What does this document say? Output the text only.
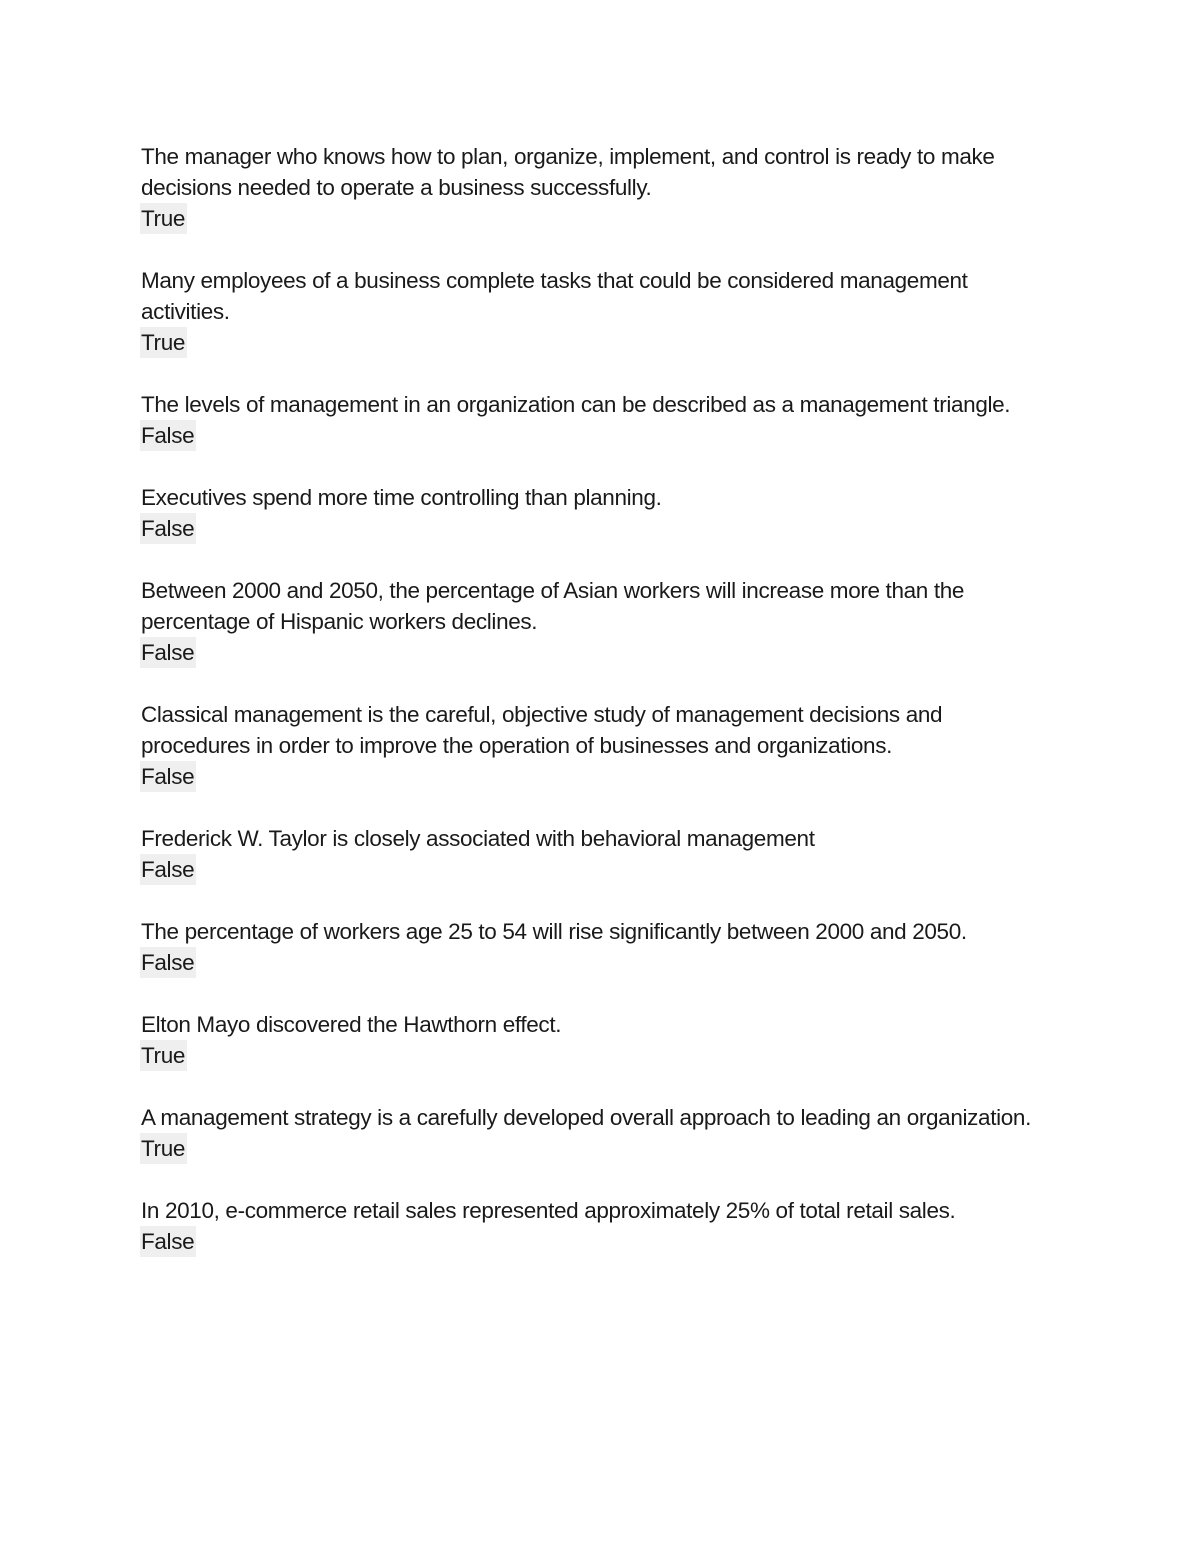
The manager who knows how to plan, organize, implement, and control is ready to make decisions needed to operate a business successfully.

True

Many employees of a business complete tasks that could be considered management activities.

True

The levels of management in an organization can be described as a management triangle.

False

Executives spend more time controlling than planning.

False

Between 2000 and 2050, the percentage of Asian workers will increase more than the percentage of Hispanic workers declines.

False

Classical management is the careful, objective study of management decisions and procedures in order to improve the operation of businesses and organizations.

False

Frederick W. Taylor is closely associated with behavioral management

False

The percentage of workers age 25 to 54 will rise significantly between 2000 and 2050.

False

Elton Mayo discovered the Hawthorn effect.

True

A management strategy is a carefully developed overall approach to leading an organization.

True

In 2010, e-commerce retail sales represented approximately 25% of total retail sales.

False
